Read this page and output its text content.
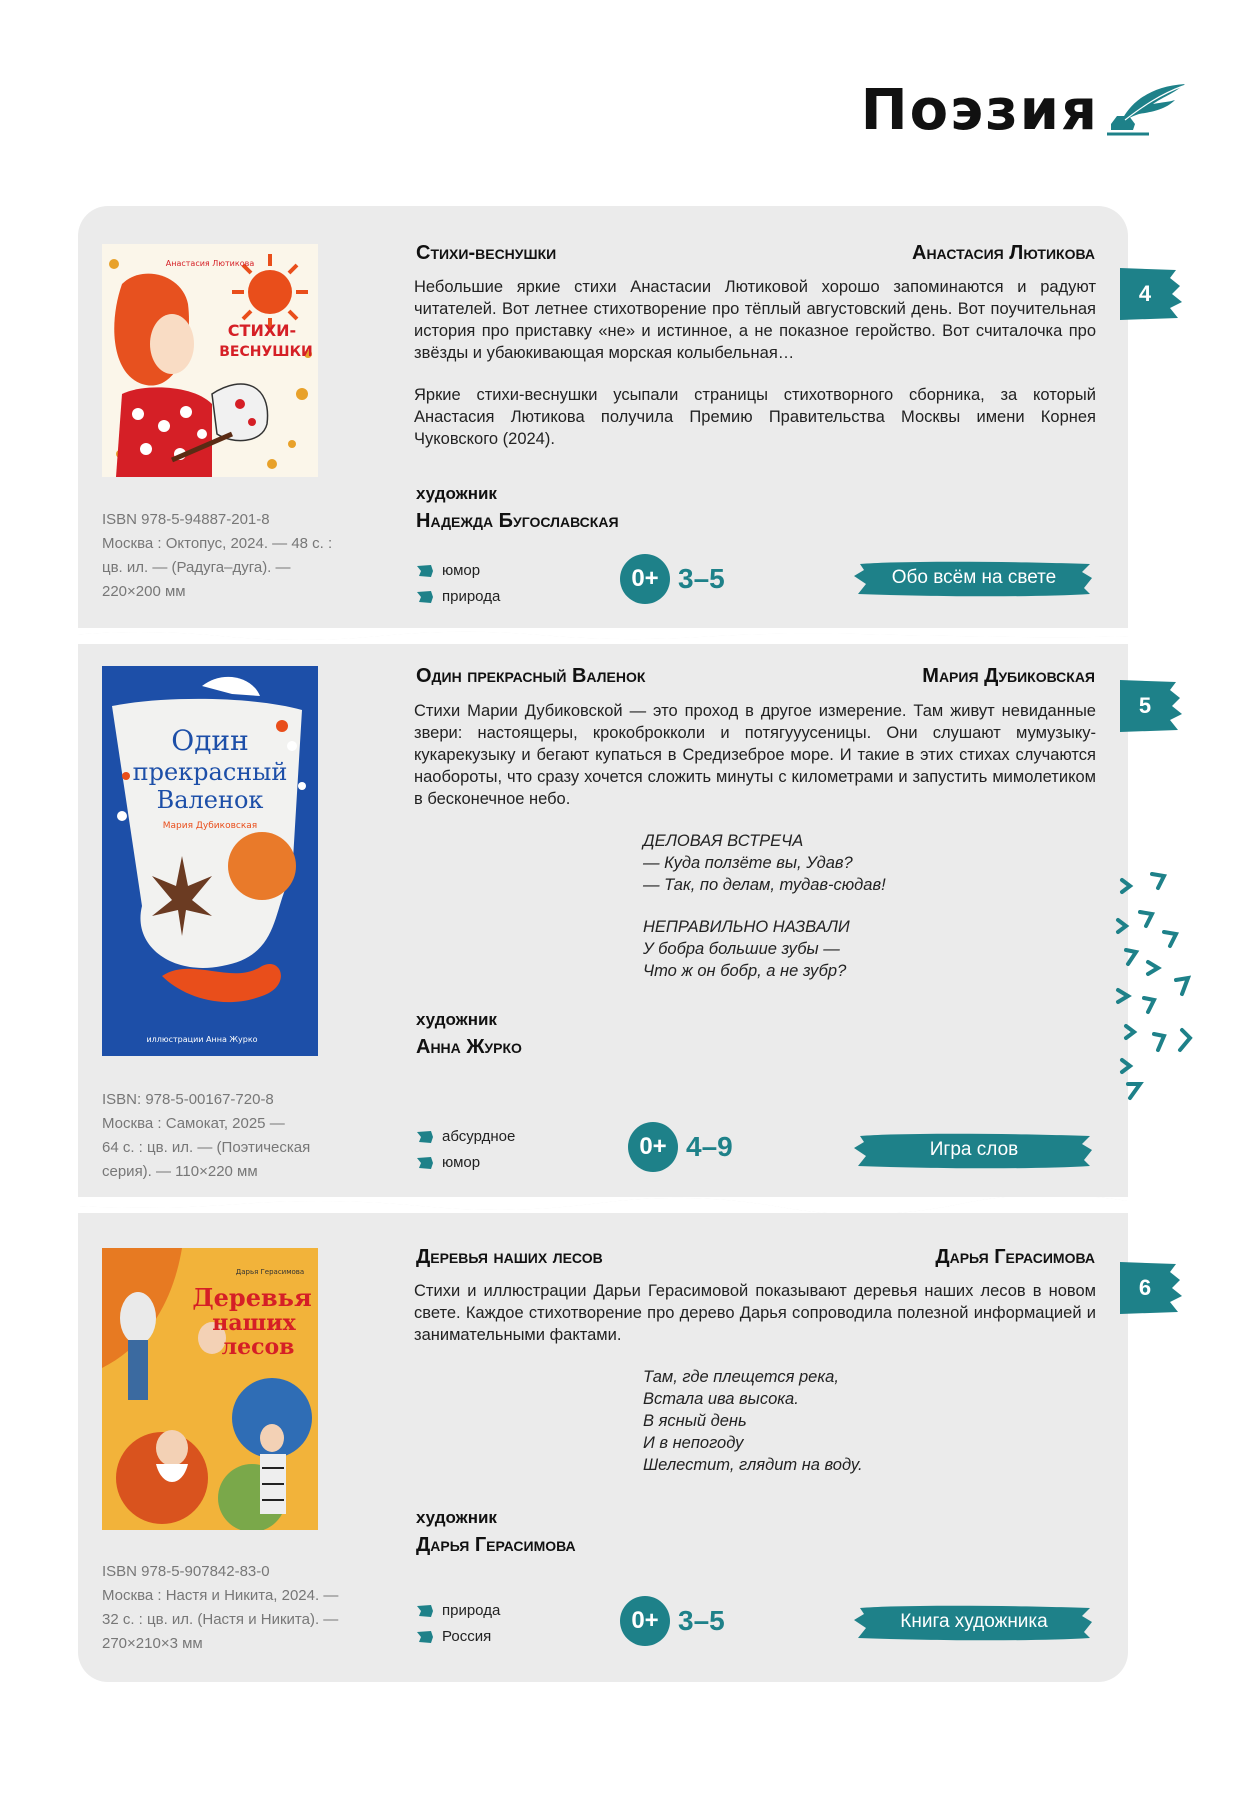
Поэзия
Анастасия Лютикова
СТИХИ-
ВЕСНУШКИ
ISBN 978-5-94887-201-8
Москва : Октопус, 2024. — 48 с. :
цв. ил. — (Радуга–дуга). —
220×200 мм
Стихи-веснушки	Анастасия Лютикова

Небольшие яркие стихи Анастасии Лютиковой хорошо запоминаются и радуют читателей. Вот летнее стихотворение про тёплый августовский день. Вот поучительная история про приставку «не» и истинное, а не показное геройство. Вот считалочка про звёзды и убаюкивающая морская колыбельная…

Яркие стихи-веснушки усыпали страницы стихотворного сборника, за который Анастасия Лютикова получила Премию Правительства Москвы имени Корнея Чуковского (2024).

художник
Надежда Бугославская
юмор
природа
0+ 3–5	Обо всём на свете
4
Один
прекрасный
Валенок
Мария Дубиковская
иллюстрации Анна Журко
ISBN: 978-5-00167-720-8
Москва : Самокат, 2025 —
64 с. : цв. ил. — (Поэтическая
серия). — 110×220 мм
Один прекрасный Валенок	Мария Дубиковская

Стихи Марии Дубиковской — это проход в другое измерение. Там живут невиданные звери: настоящеры, крокоброкколи и потягууусеницы. Они слушают мумузыку-кукарекузыку и бегают купаться в Средизеброе море. И такие в этих стихах случаются наобороты, что сразу хочется сложить минуты с километрами и запустить мимолетиком в бесконечное небо.

ДЕЛОВАЯ ВСТРЕЧА
— Куда ползёте вы, Удав?
— Так, по делам, тудав-сюдав!

НЕПРАВИЛЬНО НАЗВАЛИ
У бобра большие зубы —
Что ж он бобр, а не зубр?

художник
Анна Журко
абсурдное
юмор
0+ 4–9	Игра слов
5
Дарья Герасимова
Деревья
наших
лесов
ISBN 978-5-907842-83-0
Москва : Настя и Никита, 2024. —
32 с. : цв. ил. (Настя и Никита). —
270×210×3 мм
Деревья наших лесов	Дарья Герасимова

Стихи и иллюстрации Дарьи Герасимовой показывают деревья наших лесов в новом свете. Каждое стихотворение про дерево Дарья сопроводила полезной информацией и занимательными фактами.

Там, где плещется река,
Встала ива высока.
В ясный день
И в непогоду
Шелестит, глядит на воду.

художник
Дарья Герасимова
природа
Россия
0+ 3–5	Книга художника
6
